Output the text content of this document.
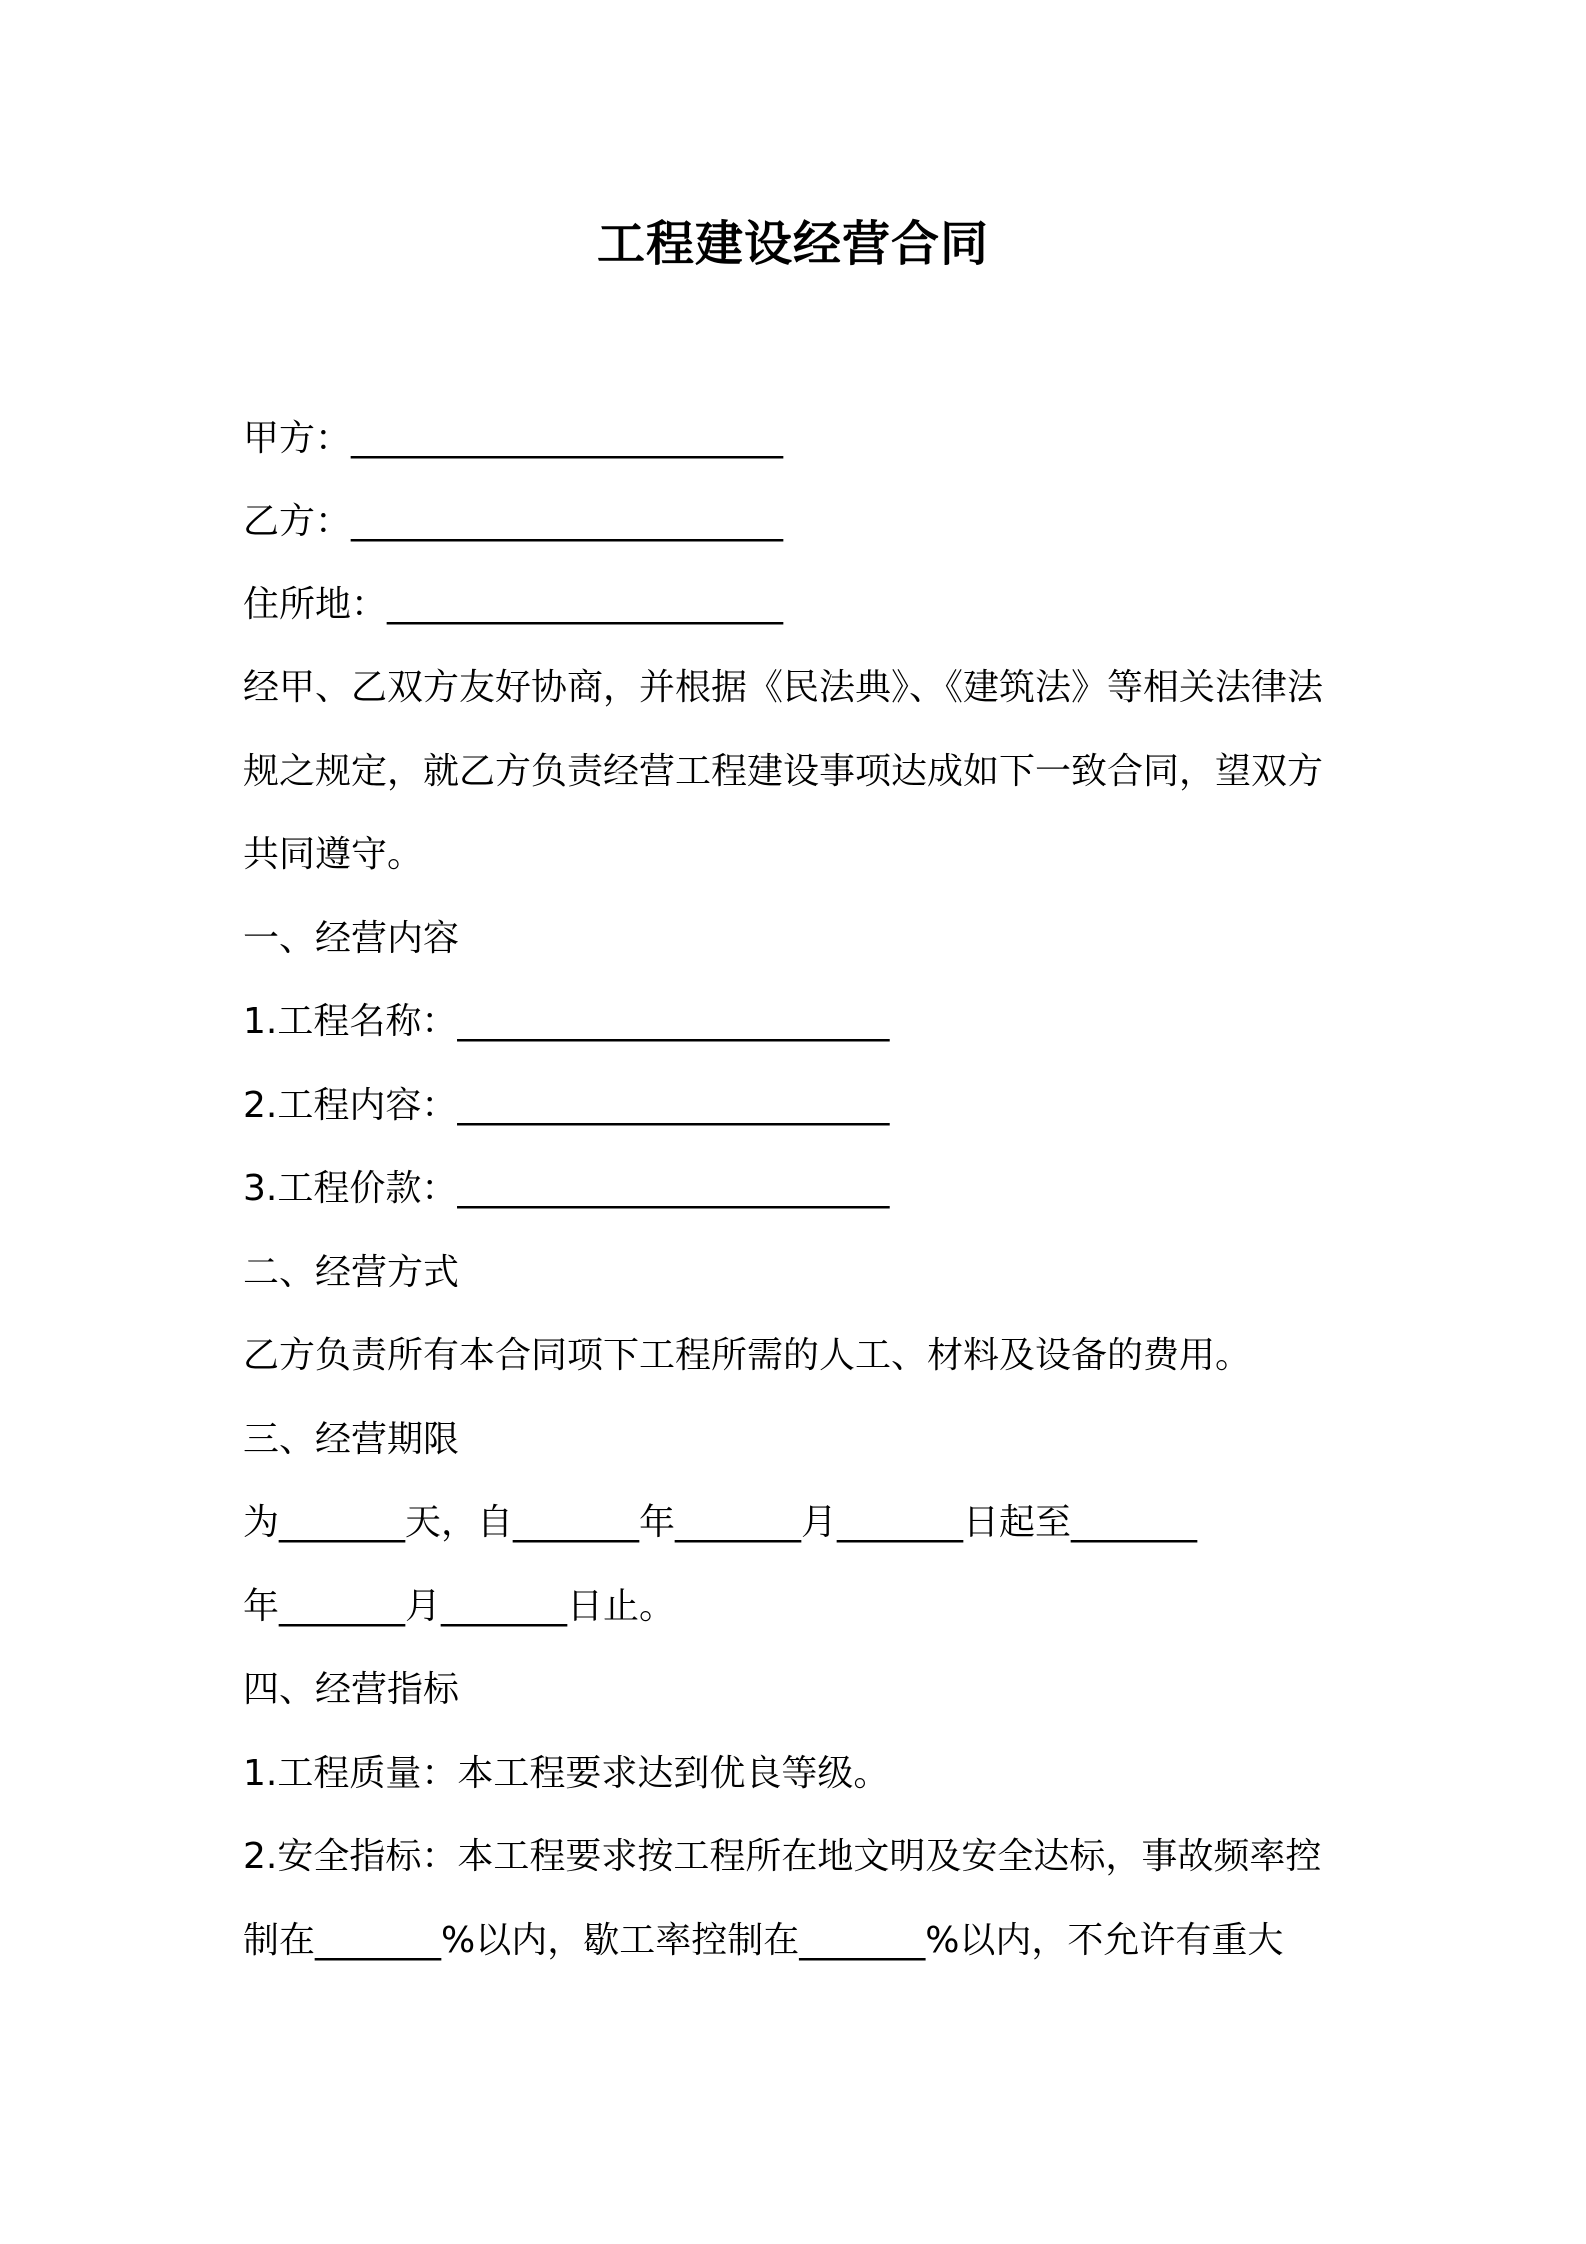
工程建设经营合同
甲方：________________________
乙方：________________________
住所地：______________________
经甲、乙双方友好协商，并根据《民法典》、《建筑法》等相关法律法
规之规定，就乙方负责经营工程建设事项达成如下一致合同，望双方
共同遵守。
一、经营内容
1.工程名称：________________________
2.工程内容：________________________
3.工程价款：________________________
二、经营方式
乙方负责所有本合同项下工程所需的人工、材料及设备的费用。
三、经营期限
为_______天，自_______年_______月_______日起至_______
年_______月_______日止。
四、经营指标
1.工程质量：本工程要求达到优良等级。
2.安全指标：本工程要求按工程所在地文明及安全达标，事故频率控
制在_______%以内，歇工率控制在_______%以内，不允许有重大
